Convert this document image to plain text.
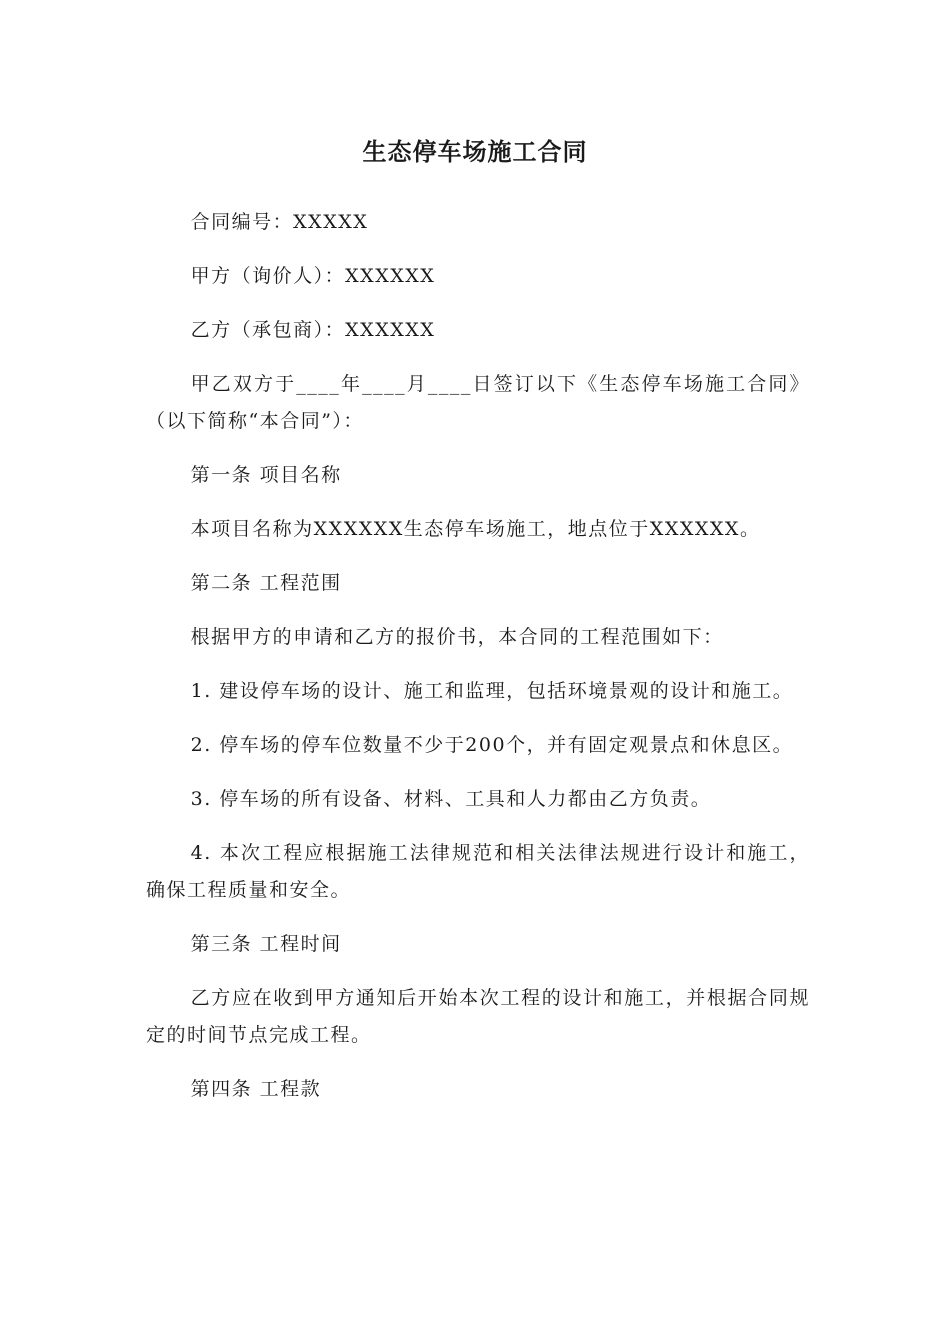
生态停车场施工合同

合同编号：XXXXX

甲方（询价人）：XXXXXX

乙方（承包商）：XXXXXX

甲乙双方于____年____月____日签订以下《生态停车场施工合同》（以下简称“本合同”）：

第一条 项目名称

本项目名称为XXXXXX生态停车场施工，地点位于XXXXXX。

第二条 工程范围

根据甲方的申请和乙方的报价书，本合同的工程范围如下：

1. 建设停车场的设计、施工和监理，包括环境景观的设计和施工。

2. 停车场的停车位数量不少于200个，并有固定观景点和休息区。

3. 停车场的所有设备、材料、工具和人力都由乙方负责。

4. 本次工程应根据施工法律规范和相关法律法规进行设计和施工，确保工程质量和安全。

第三条 工程时间

乙方应在收到甲方通知后开始本次工程的设计和施工，并根据合同规定的时间节点完成工程。

第四条 工程款
